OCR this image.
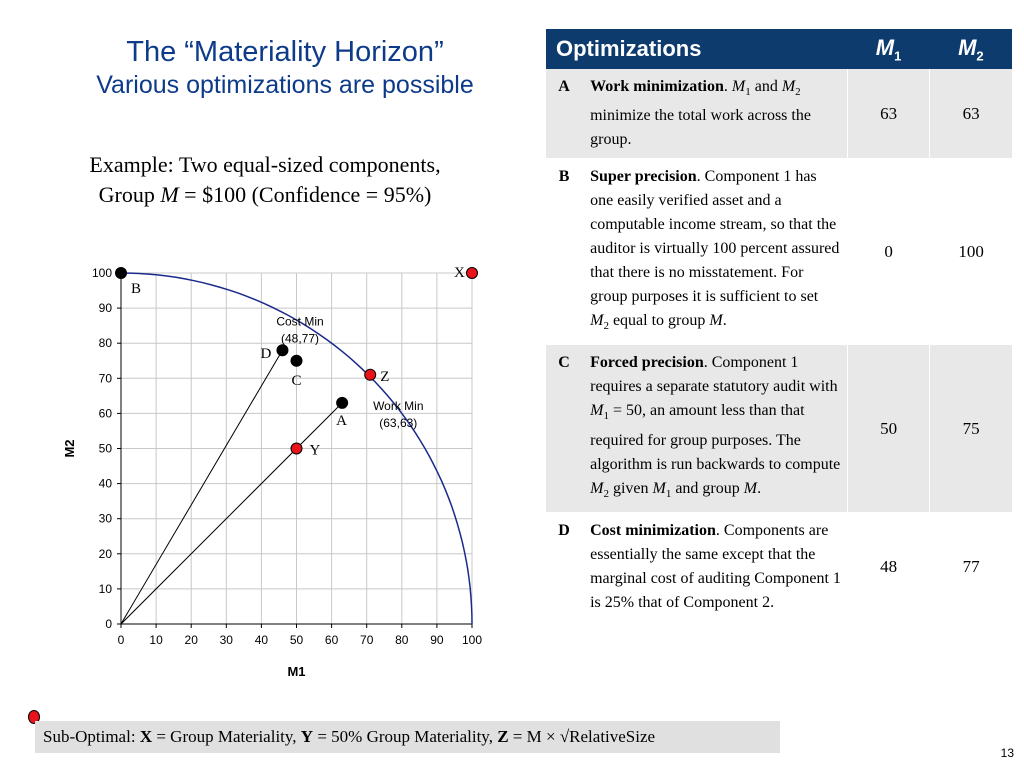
The “Materiality Horizon”
Various optimizations are possible
Example: Two equal-sized components,
Group M = $100 (Confidence = 95%)
0 10 20 30 40 50 60 70 80 90 100
0
10
20
30
40
50
60
70
80
90
100
M1
M2
B
X
D
C	Z
A
Y
Cost Min
(48,77)
Work Min
(63,63)
Optimizations		$M_1$	$M_2$
A	Work minimization. $M_1$ and $M_2$ minimize the total work across the group.	63	63
B	Super precision. Component 1 has one easily verified asset and a computable income stream, so that the auditor is virtually 100 percent assured that there is no misstatement. For group purposes it is sufficient to set $M_2$ equal to group M.	0	100
C	Forced precision. Component 1 requires a separate statutory audit with $M_1 = 50$, an amount less than that required for group purposes. The algorithm is run backwards to compute $M_2$ given $M_1$ and group M.	50	75
D	Cost minimization. Components are essentially the same except that the marginal cost of auditing Component 1 is 25% that of Component 2.	48	77
Sub-Optimal: X = Group Materiality, Y = 50% Group Materiality, Z = M × √RelativeSize
13
